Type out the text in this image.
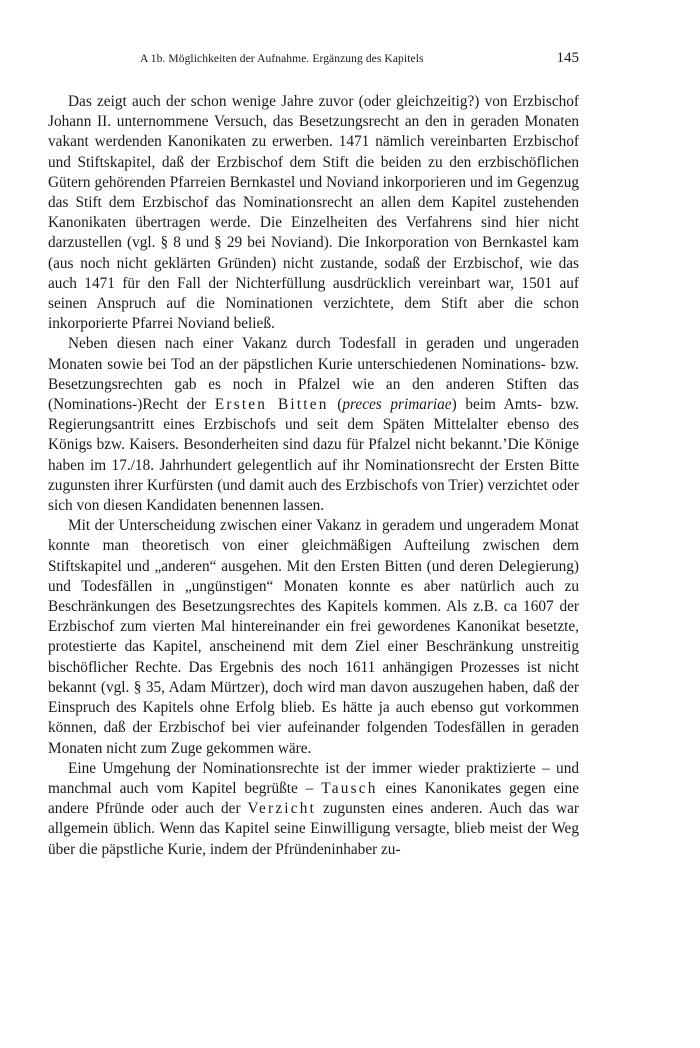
A 1b. Möglichkeiten der Aufnahme. Ergänzung des Kapitels	145

Das zeigt auch der schon wenige Jahre zuvor (oder gleichzeitig?) von Erzbischof Johann II. unternommene Versuch, das Besetzungsrecht an den in geraden Monaten vakant werdenden Kanonikaten zu erwerben. 1471 nämlich vereinbarten Erzbischof und Stiftskapitel, daß der Erzbischof dem Stift die beiden zu den erzbischöflichen Gütern gehörenden Pfarreien Bernkastel und Noviand inkorporieren und im Gegenzug das Stift dem Erzbischof das Nominationsrecht an allen dem Kapitel zustehenden Kanonikaten übertragen werde. Die Einzelheiten des Verfahrens sind hier nicht darzustellen (vgl. § 8 und § 29 bei Noviand). Die Inkorporation von Bernkastel kam (aus noch nicht geklärten Gründen) nicht zustande, sodaß der Erzbischof, wie das auch 1471 für den Fall der Nichterfüllung ausdrücklich vereinbart war, 1501 auf seinen Anspruch auf die Nominationen verzichtete, dem Stift aber die schon inkorporierte Pfarrei Noviand beließ.

Neben diesen nach einer Vakanz durch Todesfall in geraden und ungeraden Monaten sowie bei Tod an der päpstlichen Kurie unterschiedenen Nominations- bzw. Besetzungsrechten gab es noch in Pfalzel wie an den anderen Stiften das (Nominations-)Recht der Ersten Bitten (preces primariae) beim Amts- bzw. Regierungsantritt eines Erzbischofs und seit dem Späten Mittelalter ebenso des Königs bzw. Kaisers. Besonderheiten sind dazu für Pfalzel nicht bekannt.ʼDie Könige haben im 17./18. Jahrhundert gelegentlich auf ihr Nominationsrecht der Ersten Bitte zugunsten ihrer Kurfürsten (und damit auch des Erzbischofs von Trier) verzichtet oder sich von diesen Kandidaten benennen lassen.

Mit der Unterscheidung zwischen einer Vakanz in geradem und ungeradem Monat konnte man theoretisch von einer gleichmäßigen Aufteilung zwischen dem Stiftskapitel und „anderen“ ausgehen. Mit den Ersten Bitten (und deren Delegierung) und Todesfällen in „ungünstigen“ Monaten konnte es aber natürlich auch zu Beschränkungen des Besetzungsrechtes des Kapitels kommen. Als z.B. ca 1607 der Erzbischof zum vierten Mal hintereinander ein frei gewordenes Kanonikat besetzte, protestierte das Kapitel, anscheinend mit dem Ziel einer Beschränkung unstreitig bischöflicher Rechte. Das Ergebnis des noch 1611 anhängigen Prozesses ist nicht bekannt (vgl. § 35, Adam Mürtzer), doch wird man davon auszugehen haben, daß der Einspruch des Kapitels ohne Erfolg blieb. Es hätte ja auch ebenso gut vorkommen können, daß der Erzbischof bei vier aufeinander folgenden Todesfällen in geraden Monaten nicht zum Zuge gekommen wäre.

Eine Umgehung der Nominationsrechte ist der immer wieder praktizierte – und manchmal auch vom Kapitel begrüßte – Tausch eines Kanonikates gegen eine andere Pfründe oder auch der Verzicht zugunsten eines anderen. Auch das war allgemein üblich. Wenn das Kapitel seine Einwilligung versagte, blieb meist der Weg über die päpstliche Kurie, indem der Pfründeninhaber zu-
